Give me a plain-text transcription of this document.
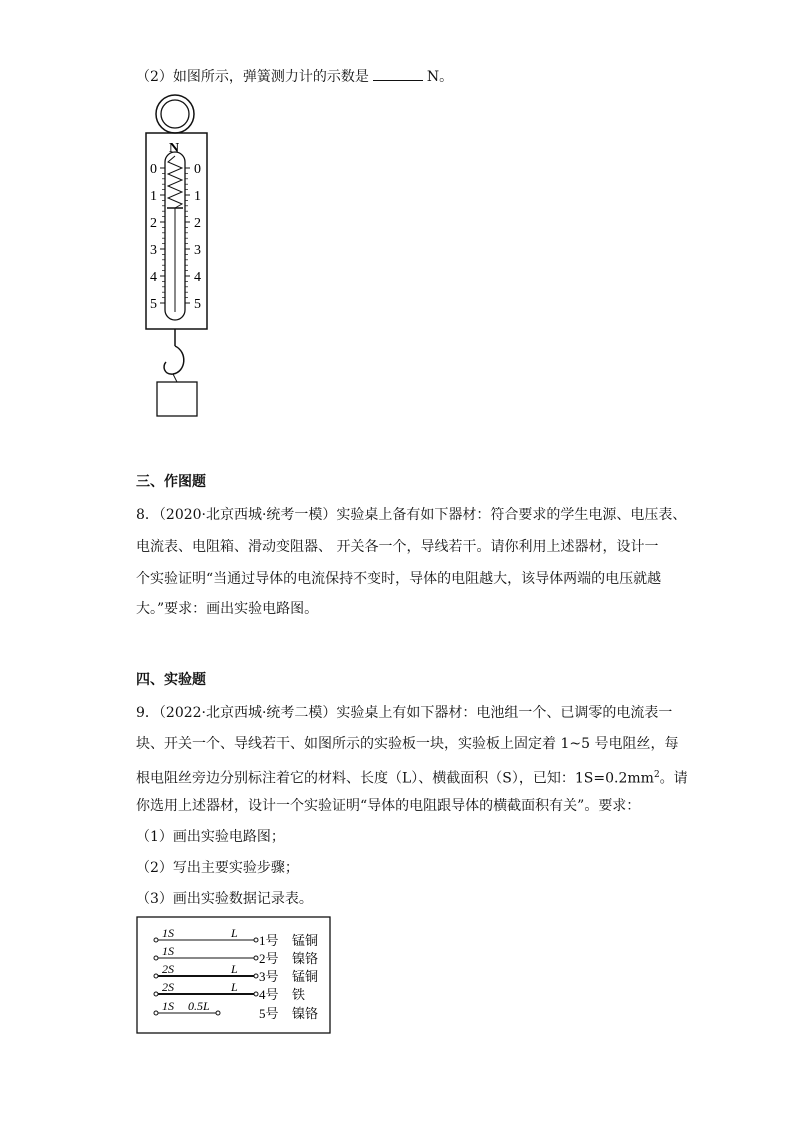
（2）如图所示，弹簧测力计的示数是	N。
N
0	0
1	1
2	2
3	3
4	4
5	5
三、作图题
8．（2020·北京西城·统考一模）实验桌上备有如下器材：符合要求的学生电源、电压表、
电流表、电阻箱、滑动变阻器、 开关各一个，导线若干。请你利用上述器材，设计一
个实验证明“当通过导体的电流保持不变时，导体的电阻越大，该导体两端的电压就越
大。”要求：画出实验电路图。
四、实验题
9．（2022·北京西城·统考二模）实验桌上有如下器材：电池组一个、已调零的电流表一
块、开关一个、导线若干、如图所示的实验板一块，实验板上固定着 1~5 号电阻丝，每
根电阻丝旁边分别标注着它的材料、长度（L）、横截面积（S），已知：$1S=0.2mm^2$。请
你选用上述器材，设计一个实验证明“导体的电阻跟导体的横截面积有关”。要求：
（1）画出实验电路图；
（2）写出主要实验步骤；
（3）画出实验数据记录表。
1S	L 1号 锰铜
1S	2号 镍铬
2S	L 3号 锰铜
2S	L 4号 铁
1S 0.5L	5号 镍铬
